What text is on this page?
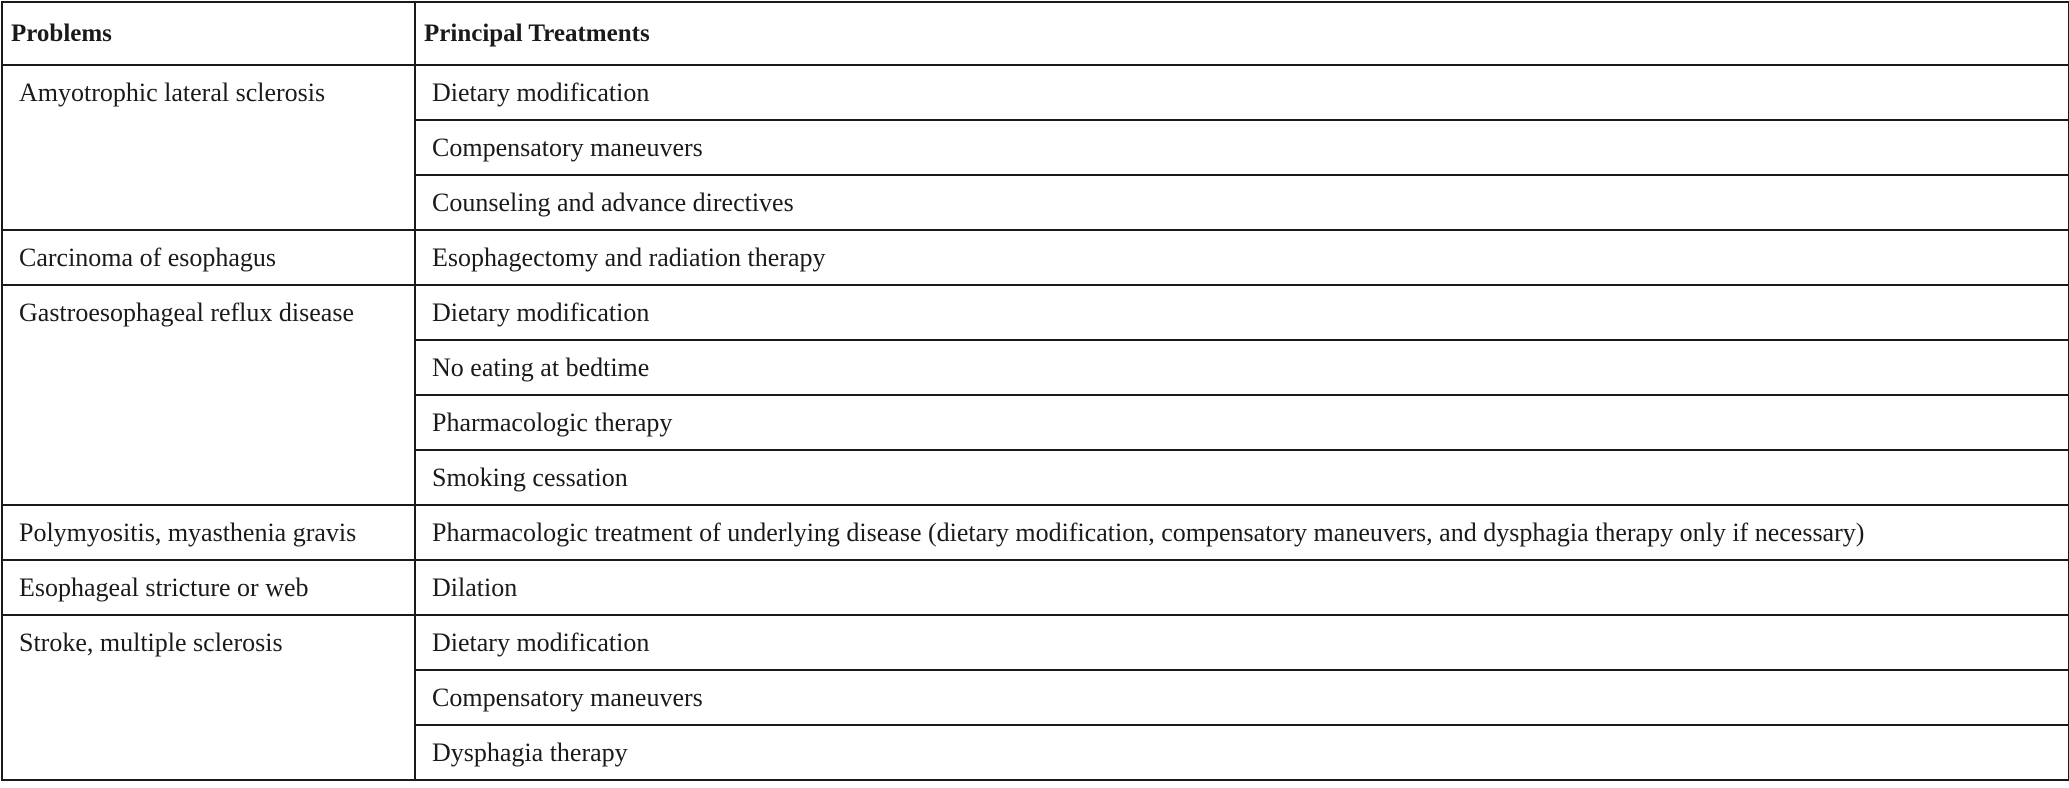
Problems	Principal Treatments
Amyotrophic lateral sclerosis	Dietary modification
	Compensatory maneuvers
	Counseling and advance directives
Carcinoma of esophagus	Esophagectomy and radiation therapy
Gastroesophageal reflux disease	Dietary modification
	No eating at bedtime
	Pharmacologic therapy
	Smoking cessation
Polymyositis, myasthenia gravis	Pharmacologic treatment of underlying disease (dietary modification, compensatory maneuvers, and dysphagia therapy only if necessary)
Esophageal stricture or web	Dilation
Stroke, multiple sclerosis	Dietary modification
	Compensatory maneuvers
	Dysphagia therapy
